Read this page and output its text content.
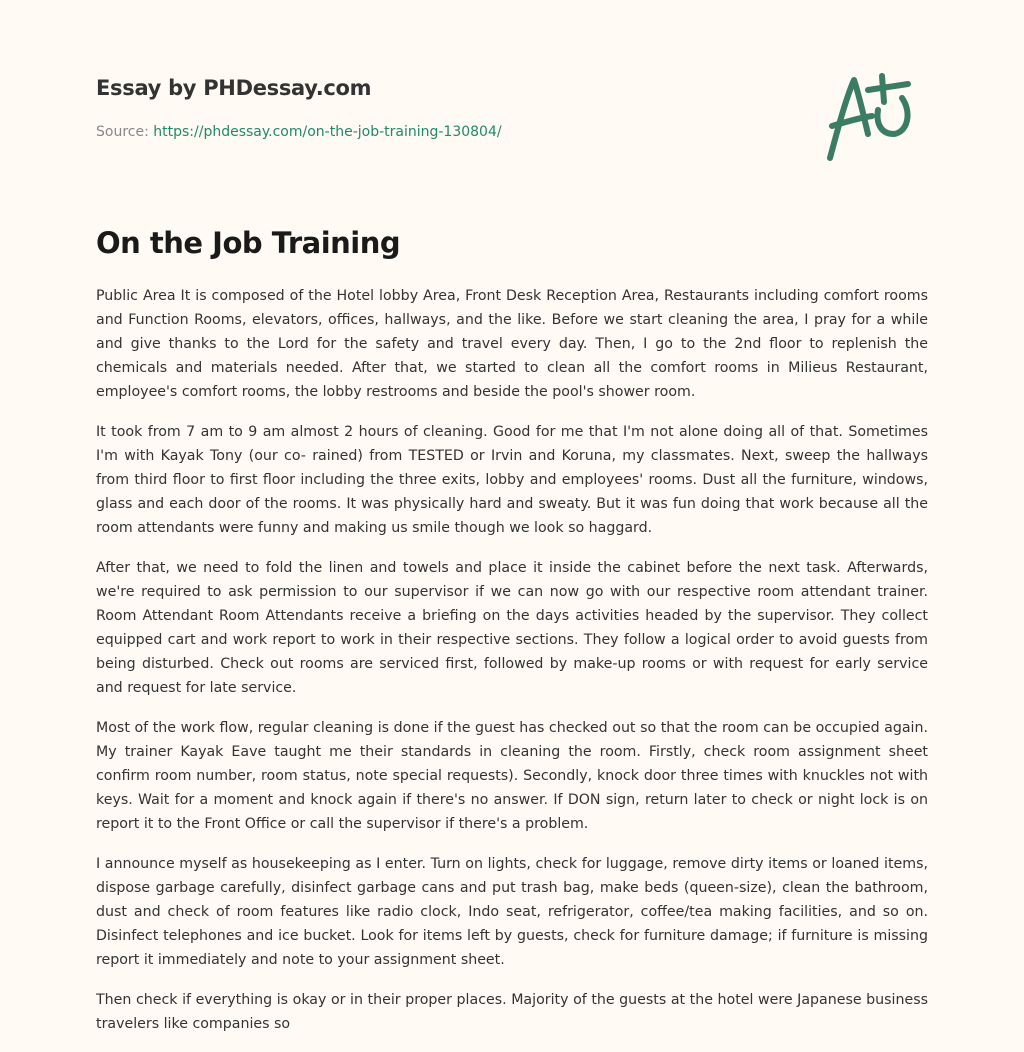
Essay by PHDessay.com
Source: https://phdessay.com/on-the-job-training-130804/
On the Job Training

Public Area It is composed of the Hotel lobby Area, Front Desk Reception Area, Restaurants including comfort rooms and Function Rooms, elevators, offices, hallways, and the like. Before we start cleaning the area, I pray for a while and give thanks to the Lord for the safety and travel every day. Then, I go to the 2nd floor to replenish the chemicals and materials needed. After that, we started to clean all the comfort rooms in Milieus Restaurant, employee's comfort rooms, the lobby restrooms and beside the pool's shower room.

It took from 7 am to 9 am almost 2 hours of cleaning. Good for me that I'm not alone doing all of that. Sometimes I'm with Kayak Tony (our co- rained) from TESTED or Irvin and Koruna, my classmates. Next, sweep the hallways from third floor to first floor including the three exits, lobby and employees' rooms. Dust all the furniture, windows, glass and each door of the rooms. It was physically hard and sweaty. But it was fun doing that work because all the room attendants were funny and making us smile though we look so haggard.

After that, we need to fold the linen and towels and place it inside the cabinet before the next task. Afterwards, we're required to ask permission to our supervisor if we can now go with our respective room attendant trainer. Room Attendant Room Attendants receive a briefing on the days activities headed by the supervisor. They collect equipped cart and work report to work in their respective sections. They follow a logical order to avoid guests from being disturbed. Check out rooms are serviced first, followed by make-up rooms or with request for early service and request for late service.

Most of the work flow, regular cleaning is done if the guest has checked out so that the room can be occupied again. My trainer Kayak Eave taught me their standards in cleaning the room. Firstly, check room assignment sheet confirm room number, room status, note special requests). Secondly, knock door three times with knuckles not with keys. Wait for a moment and knock again if there's no answer. If DON sign, return later to check or night lock is on report it to the Front Office or call the supervisor if there's a problem.

I announce myself as housekeeping as I enter. Turn on lights, check for luggage, remove dirty items or loaned items, dispose garbage carefully, disinfect garbage cans and put trash bag, make beds (queen-size), clean the bathroom, dust and check of room features like radio clock, Indo seat, refrigerator, coffee/tea making facilities, and so on. Disinfect telephones and ice bucket. Look for items left by guests, check for furniture damage; if furniture is missing report it immediately and note to your assignment sheet.

Then check if everything is okay or in their proper places. Majority of the guests at the hotel were Japanese business travelers like companies so
